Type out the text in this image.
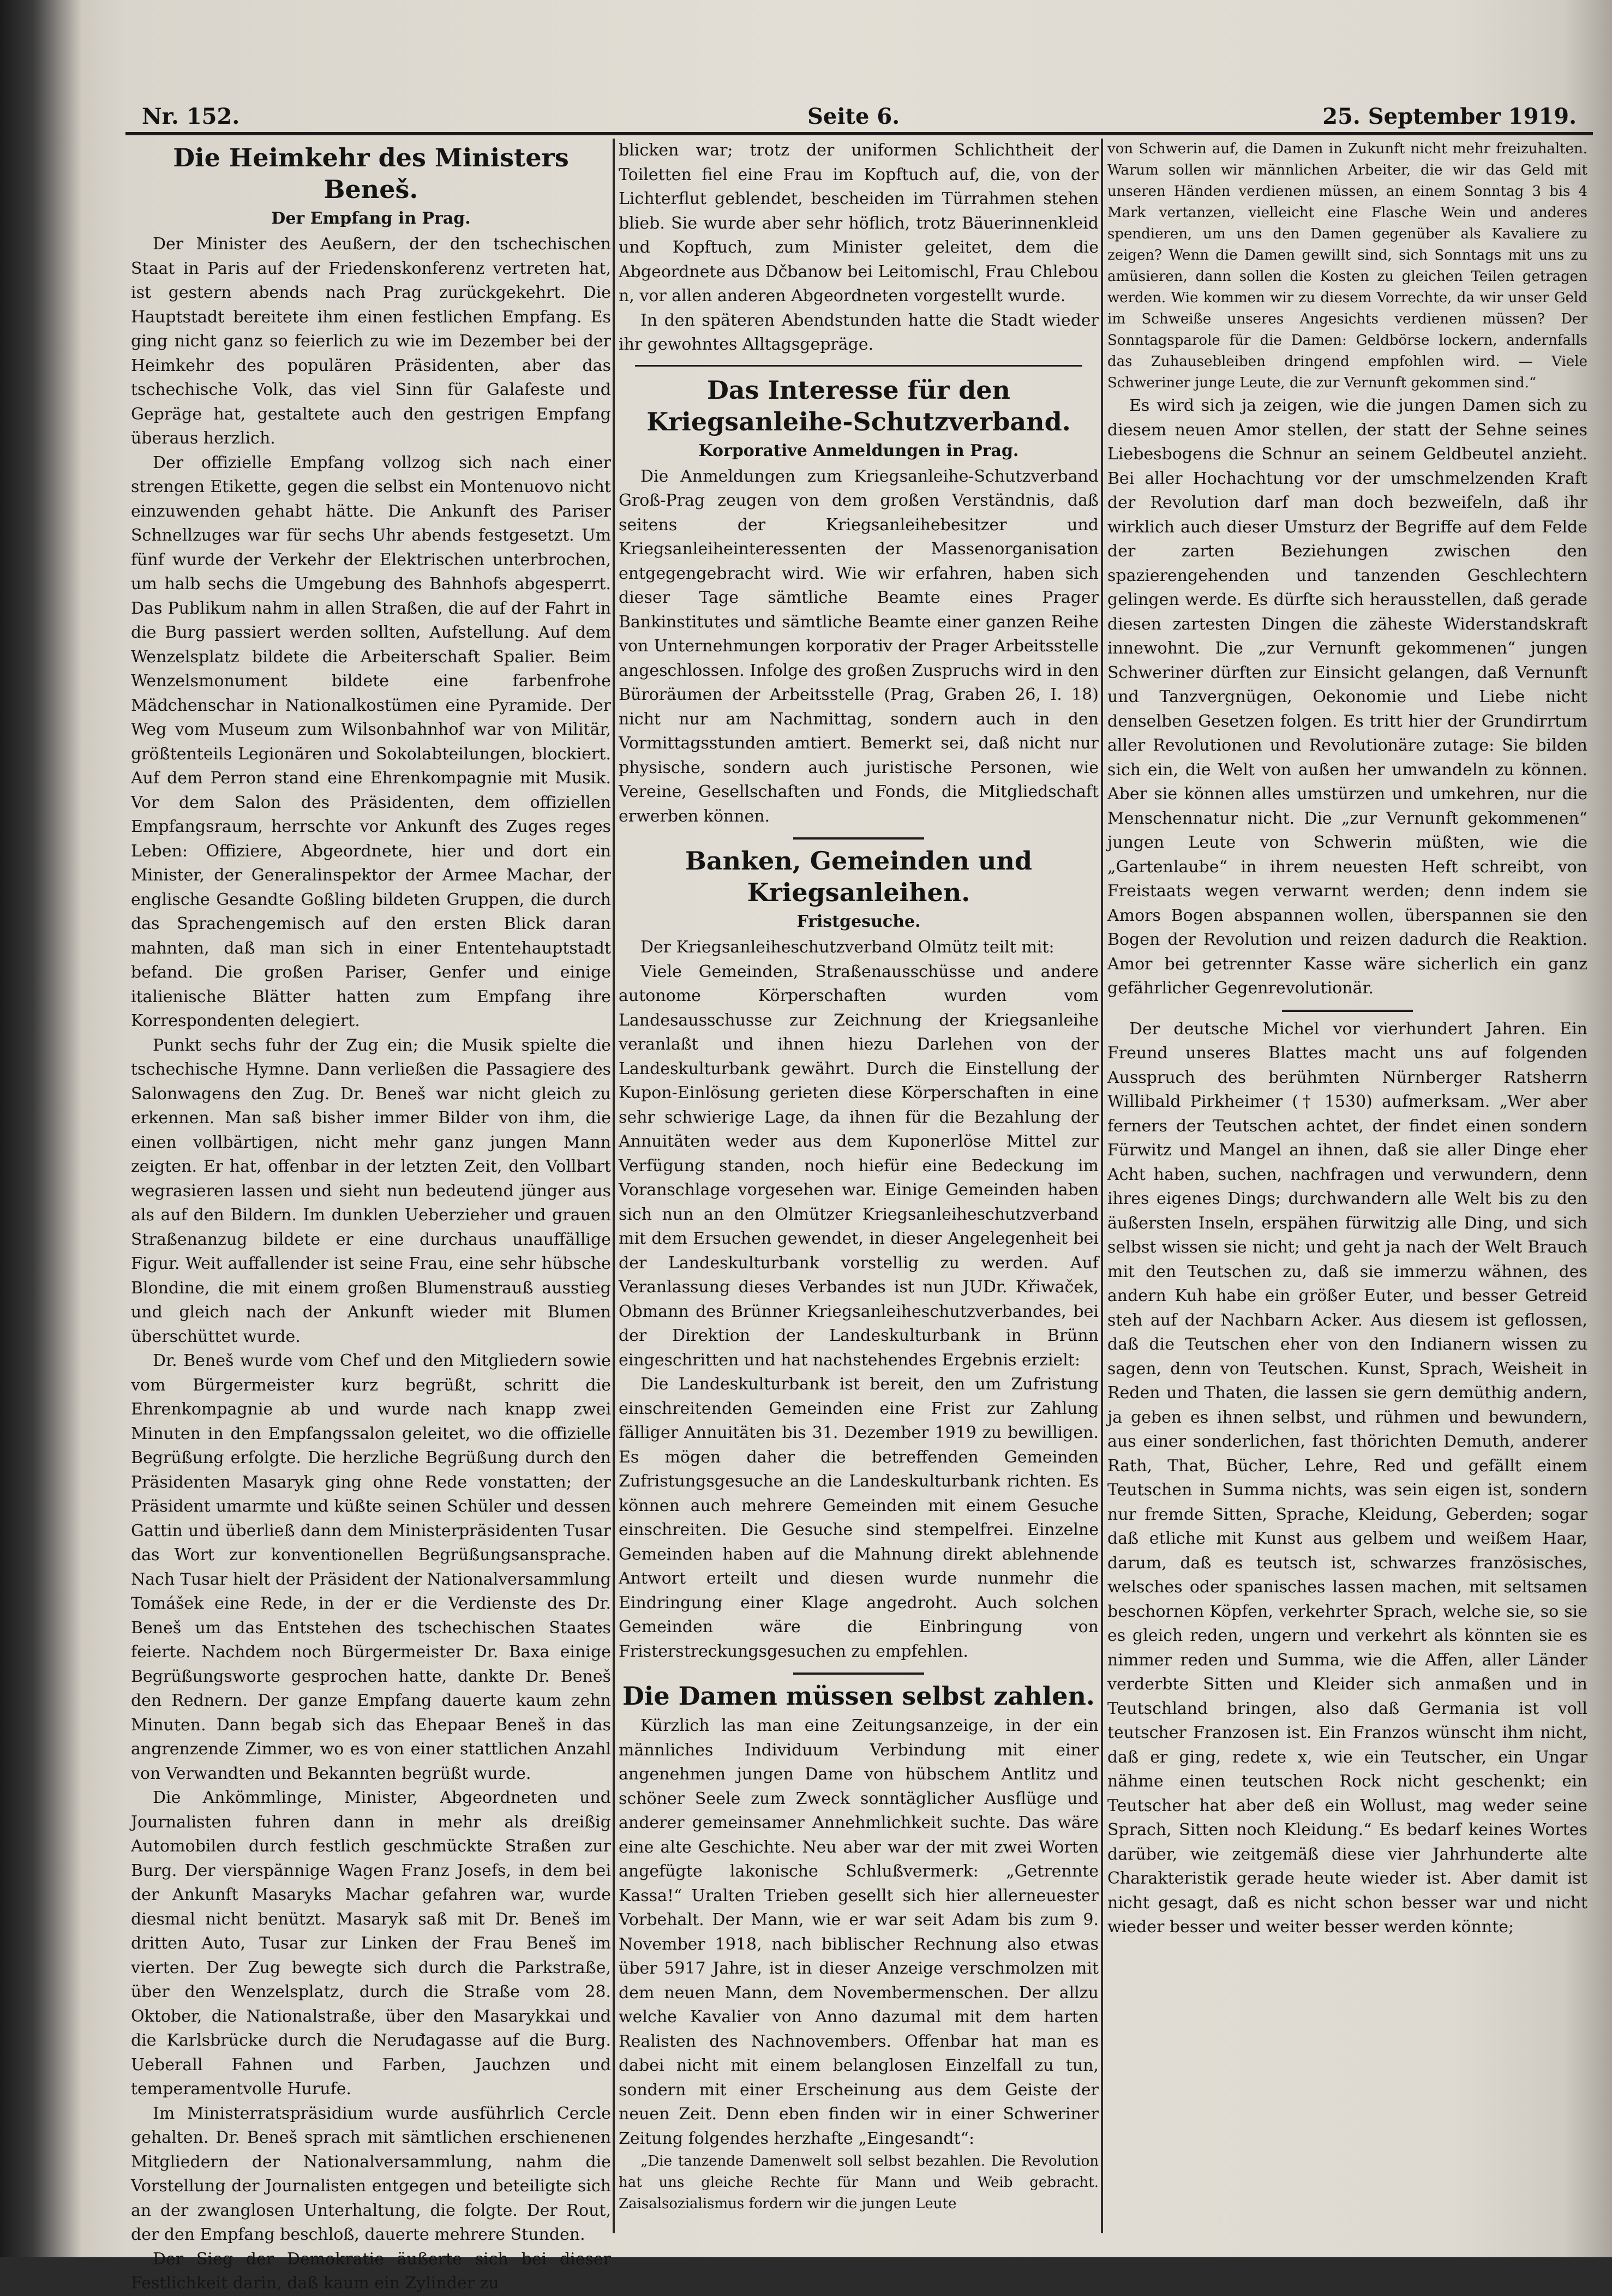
Nr. 152.	Seite 6.	25. September 1919.
Die Heimkehr des Ministers Beneš.
Der Empfang in Prag.

Der Minister des Aeußern, der den tschechischen Staat in Paris auf der Friedenskonferenz vertreten hat, ist gestern abends nach Prag zurückgekehrt. Die Hauptstadt bereitete ihm einen festlichen Empfang. Es ging nicht ganz so feierlich zu wie im Dezember bei der Heimkehr des populären Präsidenten, aber das tschechische Volk, das viel Sinn für Galafeste und Gepräge hat, gestaltete auch den gestrigen Empfang überaus herzlich.

Der offizielle Empfang vollzog sich nach einer strengen Etikette, gegen die selbst ein Montenuovo nicht einzuwenden gehabt hätte. Die Ankunft des Pariser Schnellzuges war für sechs Uhr abends festgesetzt. Um fünf wurde der Verkehr der Elektrischen unterbrochen, um halb sechs die Umgebung des Bahnhofs abgesperrt. Das Publikum nahm in allen Straßen, die auf der Fahrt in die Burg passiert werden sollten, Aufstellung. Auf dem Wenzelsplatz bildete die Arbeiterschaft Spalier. Beim Wenzelsmonument bildete eine farbenfrohe Mädchenschar in Nationalkostümen eine Pyramide. Der Weg vom Museum zum Wilsonbahnhof war von Militär, größtenteils Legionären und Sokolabteilungen, blockiert. Auf dem Perron stand eine Ehrenkompagnie mit Musik. Vor dem Salon des Präsidenten, dem offiziellen Empfangsraum, herrschte vor Ankunft des Zuges reges Leben: Offiziere, Abgeordnete, hier und dort ein Minister, der Generalinspektor der Armee Machar, der englische Gesandte Goßling bildeten Gruppen, die durch das Sprachengemisch auf den ersten Blick daran mahnten, daß man sich in einer Ententehauptstadt befand. Die großen Pariser, Genfer und einige italienische Blätter hatten zum Empfang ihre Korrespondenten delegiert.

Punkt sechs fuhr der Zug ein; die Musik spielte die tschechische Hymne. Dann verließen die Passagiere des Salonwagens den Zug. Dr. Beneš war nicht gleich zu erkennen. Man saß bisher immer Bilder von ihm, die einen vollbärtigen, nicht mehr ganz jungen Mann zeigten. Er hat, offenbar in der letzten Zeit, den Vollbart wegrasieren lassen und sieht nun bedeutend jünger aus als auf den Bildern. Im dunklen Ueberzieher und grauen Straßenanzug bildete er eine durchaus unauffällige Figur. Weit auffallender ist seine Frau, eine sehr hübsche Blondine, die mit einem großen Blumenstrauß ausstieg und gleich nach der Ankunft wieder mit Blumen überschüttet wurde.

Dr. Beneš wurde vom Chef und den Mitgliedern sowie vom Bürgermeister kurz begrüßt, schritt die Ehrenkompagnie ab und wurde nach knapp zwei Minuten in den Empfangssalon geleitet, wo die offizielle Begrüßung erfolgte. Die herzliche Begrüßung durch den Präsidenten Masaryk ging ohne Rede vonstatten; der Präsident umarmte und küßte seinen Schüler und dessen Gattin und überließ dann dem Ministerpräsidenten Tusar das Wort zur konventionellen Begrüßungsansprache. Nach Tusar hielt der Präsident der Nationalversammlung Tomášek eine Rede, in der er die Verdienste des Dr. Beneš um das Entstehen des tschechischen Staates feierte. Nachdem noch Bürgermeister Dr. Baxa einige Begrüßungsworte gesprochen hatte, dankte Dr. Beneš den Rednern. Der ganze Empfang dauerte kaum zehn Minuten. Dann begab sich das Ehepaar Beneš in das angrenzende Zimmer, wo es von einer stattlichen Anzahl von Verwandten und Bekannten begrüßt wurde.

Die Ankömmlinge, Minister, Abgeordneten und Journalisten fuhren dann in mehr als dreißig Automobilen durch festlich geschmückte Straßen zur Burg. Der vierspännige Wagen Franz Josefs, in dem bei der Ankunft Masaryks Machar gefahren war, wurde diesmal nicht benützt. Masaryk saß mit Dr. Beneš im dritten Auto, Tusar zur Linken der Frau Beneš im vierten. Der Zug bewegte sich durch die Parkstraße, über den Wenzelsplatz, durch die Straße vom 28. Oktober, die Nationalstraße, über den Masarykkai und die Karlsbrücke durch die Neruđagasse auf die Burg. Ueberall Fahnen und Farben, Jauchzen und temperamentvolle Hurufe.

Im Ministerratspräsidium wurde ausführlich Cercle gehalten. Dr. Beneš sprach mit sämtlichen erschienenen Mitgliedern der Nationalversammlung, nahm die Vorstellung der Journalisten entgegen und beteiligte sich an der zwanglosen Unterhaltung, die folgte. Der Rout, der den Empfang beschloß, dauerte mehrere Stunden.

Der Sieg der Demokratie äußerte sich bei dieser Festlichkeit darin, daß kaum ein Zylinder zu

blicken war; trotz der uniformen Schlichtheit der Toiletten fiel eine Frau im Kopftuch auf, die, von der Lichterflut geblendet, bescheiden im Türrahmen stehen blieb. Sie wurde aber sehr höflich, trotz Bäuerinnenkleid und Kopftuch, zum Minister geleitet, dem die Abgeordnete aus Dčbanow bei Leitomischl, Frau Chlebou n, vor allen anderen Abgeordneten vorgestellt wurde.

In den späteren Abendstunden hatte die Stadt wieder ihr gewohntes Alltagsgepräge.

Das Interesse für den Kriegsanleihe-Schutzverband.
Korporative Anmeldungen in Prag.

Die Anmeldungen zum Kriegsanleihe-Schutzverband Groß-Prag zeugen von dem großen Verständnis, daß seitens der Kriegsanleihebesitzer und Kriegsanleiheinteressenten der Massenorganisation entgegengebracht wird. Wie wir erfahren, haben sich dieser Tage sämtliche Beamte eines Prager Bankinstitutes und sämtliche Beamte einer ganzen Reihe von Unternehmungen korporativ der Prager Arbeitsstelle angeschlossen. Infolge des großen Zuspruchs wird in den Büroräumen der Arbeitsstelle (Prag, Graben 26, I. 18) nicht nur am Nachmittag, sondern auch in den Vormittagsstunden amtiert. Bemerkt sei, daß nicht nur physische, sondern auch juristische Personen, wie Vereine, Gesellschaften und Fonds, die Mitgliedschaft erwerben können.

Banken, Gemeinden und Kriegsanleihen.
Fristgesuche.

Der Kriegsanleiheschutzverband Olmütz teilt mit:

Viele Gemeinden, Straßenausschüsse und andere autonome Körperschaften wurden vom Landesausschusse zur Zeichnung der Kriegsanleihe veranlaßt und ihnen hiezu Darlehen von der Landeskulturbank gewährt. Durch die Einstellung der Kupon-Einlösung gerieten diese Körperschaften in eine sehr schwierige Lage, da ihnen für die Bezahlung der Annuitäten weder aus dem Kuponerlöse Mittel zur Verfügung standen, noch hiefür eine Bedeckung im Voranschlage vorgesehen war. Einige Gemeinden haben sich nun an den Olmützer Kriegsanleiheschutzverband mit dem Ersuchen gewendet, in dieser Angelegenheit bei der Landeskulturbank vorstellig zu werden. Auf Veranlassung dieses Verbandes ist nun JUDr. Křiwaček, Obmann des Brünner Kriegsanleiheschutzverbandes, bei der Direktion der Landeskulturbank in Brünn eingeschritten und hat nachstehendes Ergebnis erzielt:

Die Landeskulturbank ist bereit, den um Zufristung einschreitenden Gemeinden eine Frist zur Zahlung fälliger Annuitäten bis 31. Dezember 1919 zu bewilligen. Es mögen daher die betreffenden Gemeinden Zufristungsgesuche an die Landeskulturbank richten. Es können auch mehrere Gemeinden mit einem Gesuche einschreiten. Die Gesuche sind stempelfrei. Einzelne Gemeinden haben auf die Mahnung direkt ablehnende Antwort erteilt und diesen wurde nunmehr die Eindringung einer Klage angedroht. Auch solchen Gemeinden wäre die Einbringung von Fristerstreckungsgesuchen zu empfehlen.

Die Damen müssen selbst zahlen.

Kürzlich las man eine Zeitungsanzeige, in der ein männliches Individuum Verbindung mit einer angenehmen jungen Dame von hübschem Antlitz und schöner Seele zum Zweck sonntäglicher Ausflüge und anderer gemeinsamer Annehmlichkeit suchte. Das wäre eine alte Geschichte. Neu aber war der mit zwei Worten angefügte lakonische Schlußvermerk: „Getrennte Kassa!“ Uralten Trieben gesellt sich hier allerneuester Vorbehalt. Der Mann, wie er war seit Adam bis zum 9. November 1918, nach biblischer Rechnung also etwas über 5917 Jahre, ist in dieser Anzeige verschmolzen mit dem neuen Mann, dem Novembermenschen. Der allzu welche Kavalier von Anno dazumal mit dem harten Realisten des Nachnovembers. Offenbar hat man es dabei nicht mit einem belanglosen Einzelfall zu tun, sondern mit einer Erscheinung aus dem Geiste der neuen Zeit. Denn eben finden wir in einer Schweriner Zeitung folgendes herzhafte „Eingesandt“:

„Die tanzende Damenwelt soll selbst bezahlen. Die Revolution hat uns gleiche Rechte für Mann und Weib gebracht. Zaisalsozialismus fordern wir die jungen Leute

von Schwerin auf, die Damen in Zukunft nicht mehr freizuhalten. Warum sollen wir männlichen Arbeiter, die wir das Geld mit unseren Händen verdienen müssen, an einem Sonntag 3 bis 4 Mark vertanzen, vielleicht eine Flasche Wein und anderes spendieren, um uns den Damen gegenüber als Kavaliere zu zeigen? Wenn die Damen gewillt sind, sich Sonntags mit uns zu amüsieren, dann sollen die Kosten zu gleichen Teilen getragen werden. Wie kommen wir zu diesem Vorrechte, da wir unser Geld im Schweiße unseres Angesichts verdienen müssen? Der Sonntagsparole für die Damen: Geldbörse lockern, andernfalls das Zuhausebleiben dringend empfohlen wird. — Viele Schweriner junge Leute, die zur Vernunft gekommen sind.“

Es wird sich ja zeigen, wie die jungen Damen sich zu diesem neuen Amor stellen, der statt der Sehne seines Liebesbogens die Schnur an seinem Geldbeutel anzieht. Bei aller Hochachtung vor der umschmelzenden Kraft der Revolution darf man doch bezweifeln, daß ihr wirklich auch dieser Umsturz der Begriffe auf dem Felde der zarten Beziehungen zwischen den spazierengehenden und tanzenden Geschlechtern gelingen werde. Es dürfte sich herausstellen, daß gerade diesen zartesten Dingen die zäheste Widerstandskraft innewohnt. Die „zur Vernunft gekommenen“ jungen Schweriner dürften zur Einsicht gelangen, daß Vernunft und Tanzvergnügen, Oekonomie und Liebe nicht denselben Gesetzen folgen. Es tritt hier der Grundirrtum aller Revolutionen und Revolutionäre zutage: Sie bilden sich ein, die Welt von außen her umwandeln zu können. Aber sie können alles umstürzen und umkehren, nur die Menschennatur nicht. Die „zur Vernunft gekommenen“ jungen Leute von Schwerin müßten, wie die „Gartenlaube“ in ihrem neuesten Heft schreibt, von Freistaats wegen verwarnt werden; denn indem sie Amors Bogen abspannen wollen, überspannen sie den Bogen der Revolution und reizen dadurch die Reaktion. Amor bei getrennter Kasse wäre sicherlich ein ganz gefährlicher Gegenrevolutionär.

Der deutsche Michel vor vierhundert Jahren. Ein Freund unseres Blattes macht uns auf folgenden Ausspruch des berühmten Nürnberger Ratsherrn Willibald Pirkheimer († 1530) aufmerksam. „Wer aber ferners der Teutschen achtet, der findet einen sondern Fürwitz und Mangel an ihnen, daß sie aller Dinge eher Acht haben, suchen, nachfragen und verwundern, denn ihres eigenes Dings; durchwandern alle Welt bis zu den äußersten Inseln, erspähen fürwitzig alle Ding, und sich selbst wissen sie nicht; und geht ja nach der Welt Brauch mit den Teutschen zu, daß sie immerzu wähnen, des andern Kuh habe ein größer Euter, und besser Getreid steh auf der Nachbarn Acker. Aus diesem ist geflossen, daß die Teutschen eher von den Indianern wissen zu sagen, denn von Teutschen. Kunst, Sprach, Weisheit in Reden und Thaten, die lassen sie gern demüthig andern, ja geben es ihnen selbst, und rühmen und bewundern, aus einer sonderlichen, fast thörichten Demuth, anderer Rath, That, Bücher, Lehre, Red und gefällt einem Teutschen in Summa nichts, was sein eigen ist, sondern nur fremde Sitten, Sprache, Kleidung, Geberden; sogar daß etliche mit Kunst aus gelbem und weißem Haar, darum, daß es teutsch ist, schwarzes französisches, welsches oder spanisches lassen machen, mit seltsamen beschornen Köpfen, verkehrter Sprach, welche sie, so sie es gleich reden, ungern und verkehrt als könnten sie es nimmer reden und Summa, wie die Affen, aller Länder verderbte Sitten und Kleider sich anmaßen und in Teutschland bringen, also daß Germania ist voll teutscher Franzosen ist. Ein Franzos wünscht ihm nicht, daß er ging, redete x, wie ein Teutscher, ein Ungar nähme einen teutschen Rock nicht geschenkt; ein Teutscher hat aber deß ein Wollust, mag weder seine Sprach, Sitten noch Kleidung.“ Es bedarf keines Wortes darüber, wie zeitgemäß diese vier Jahrhunderte alte Charakteristik gerade heute wieder ist. Aber damit ist nicht gesagt, daß es nicht schon besser war und nicht wieder besser und weiter besser werden könnte;
